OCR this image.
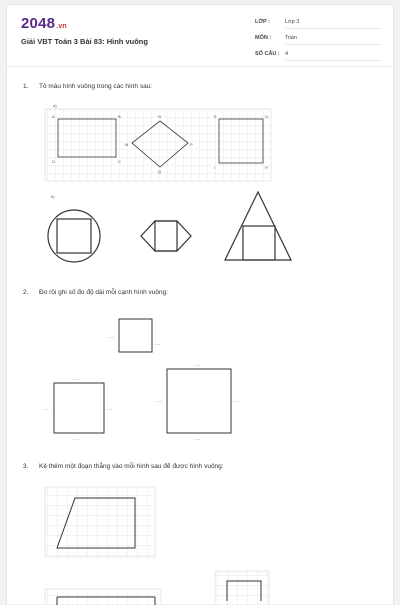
2048.vn
Giải VBT Toán 3 Bài 83: Hình vuông
LỚP :	Lớp 3
MÔN :	Toán
SỐ CÂU : 4
1. Tô màu hình vuông trong các hình sau:
2. Đo rồi ghi số đo độ dài mỗi cạnh hình vuông:
3. Kẻ thêm một đoạn thẳng vào mỗi hình sau để được hình vuông:
a)
A	B
C
D
N
P
Q
M
E	G
H
I
b)
.....
.....
.....
.....	.....
.....
.....
.....	.....
.....
